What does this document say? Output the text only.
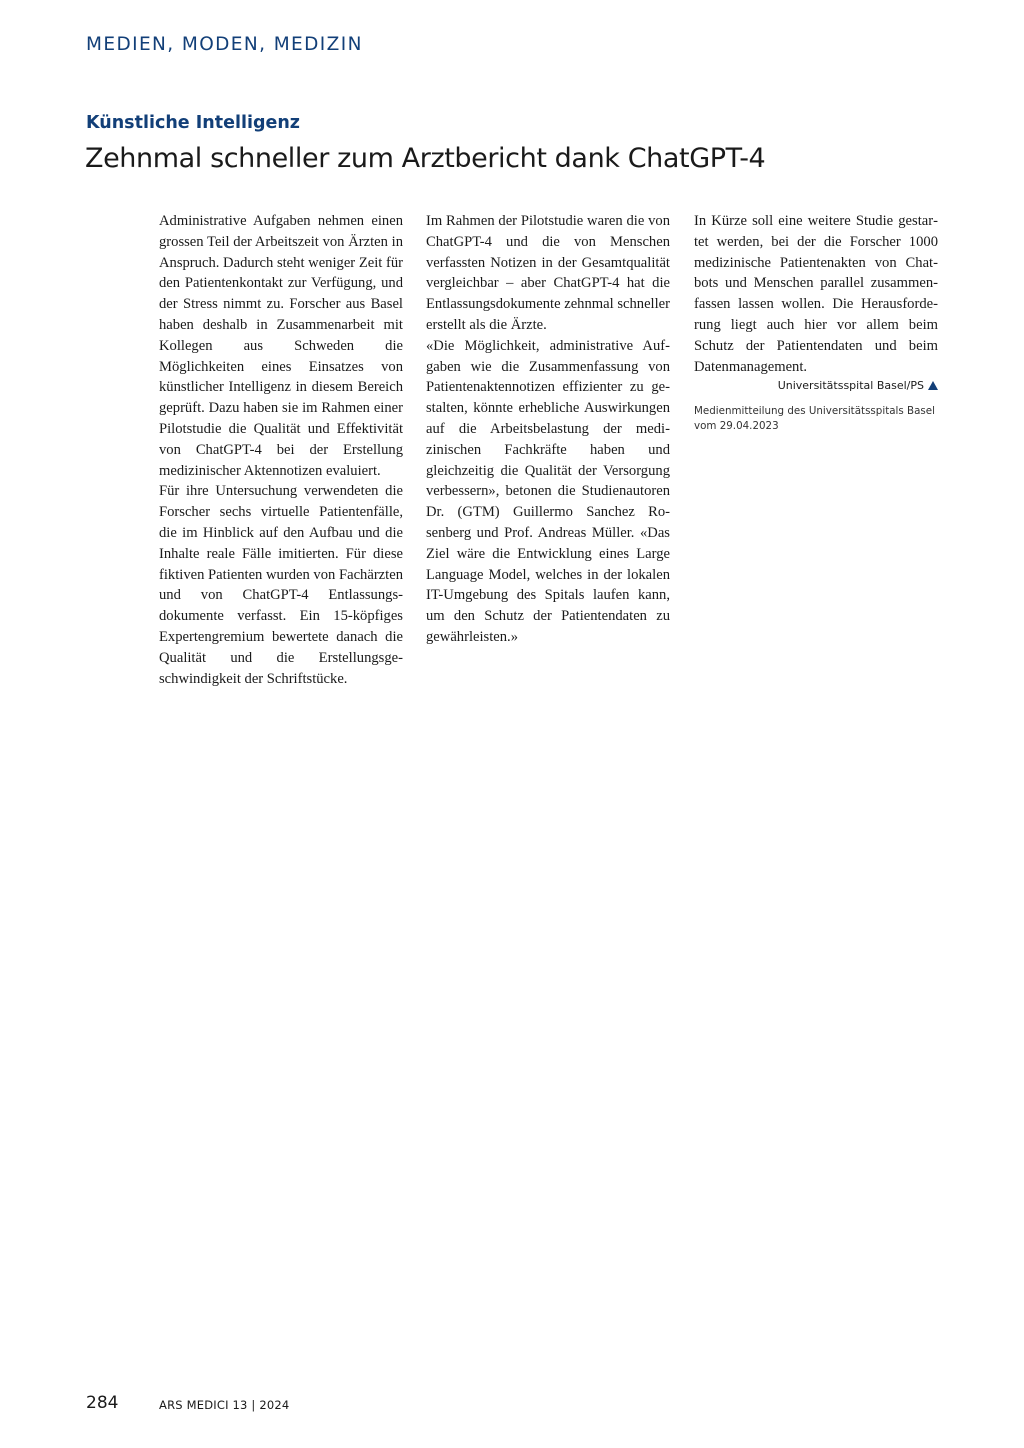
MEDIEN, MODEN, MEDIZIN
Künstliche Intelligenz
Zehnmal schneller zum Arztbericht dank ChatGPT-4

Administrative Aufgaben nehmen einen grossen Teil der Arbeitszeit von Ärzten in Anspruch. Dadurch steht weniger Zeit für den Patientenkontakt zur Verfügung, und der Stress nimmt zu. Forscher aus Basel haben deshalb in Zusammenarbeit mit Kollegen aus Schweden die Möglichkeiten eines Einsatzes von künstlicher Intelligenz in diesem Bereich geprüft. Dazu haben sie im Rahmen einer Pilotstudie die Qualität und Effektivität von ChatGPT-4 bei der Erstellung medizinischer Aktennotizen evaluiert.

Für ihre Untersuchung verwendeten die Forscher sechs virtuelle Patientenfälle, die im Hinblick auf den Aufbau und die Inhalte reale Fälle imitierten. Für diese fiktiven Patienten wurden von Fachärzten und von ChatGPT-4 Entlassungsdokumente verfasst. Ein 15-köpfiges Expertengremium bewertete danach die Qualität und die Erstellungsgeschwindigkeit der Schriftstücke.

Im Rahmen der Pilotstudie waren die von ChatGPT-4 und die von Menschen verfassten Notizen in der Gesamtqualität vergleichbar – aber ChatGPT-4 hat die Entlassungsdokumente zehnmal schneller erstellt als die Ärzte.

«Die Möglichkeit, administrative Aufgaben wie die Zusammenfassung von Patientenaktennotizen effizienter zu gestalten, könnte erhebliche Auswirkungen auf die Arbeitsbelastung der medizinischen Fachkräfte haben und gleichzeitig die Qualität der Versorgung verbessern», betonen die Studienautoren Dr. (GTM) Guillermo Sanchez Rosenberg und Prof. Andreas Müller. «Das Ziel wäre die Entwicklung eines Large Language Model, welches in der lokalen IT-Umgebung des Spitals laufen kann, um den Schutz der Patientendaten zu gewährleisten.»

In Kürze soll eine weitere Studie gestartet werden, bei der die Forscher 1000 medizinische Patientenakten von Chatbots und Menschen parallel zusammenfassen lassen wollen. Die Herausforderung liegt auch hier vor allem beim Schutz der Patientendaten und beim Datenmanagement.

Universitätsspital Basel/PS
Medienmitteilung des Universitätsspitals Basel vom 29.04.2023
284	ARS MEDICI 13 | 2024
